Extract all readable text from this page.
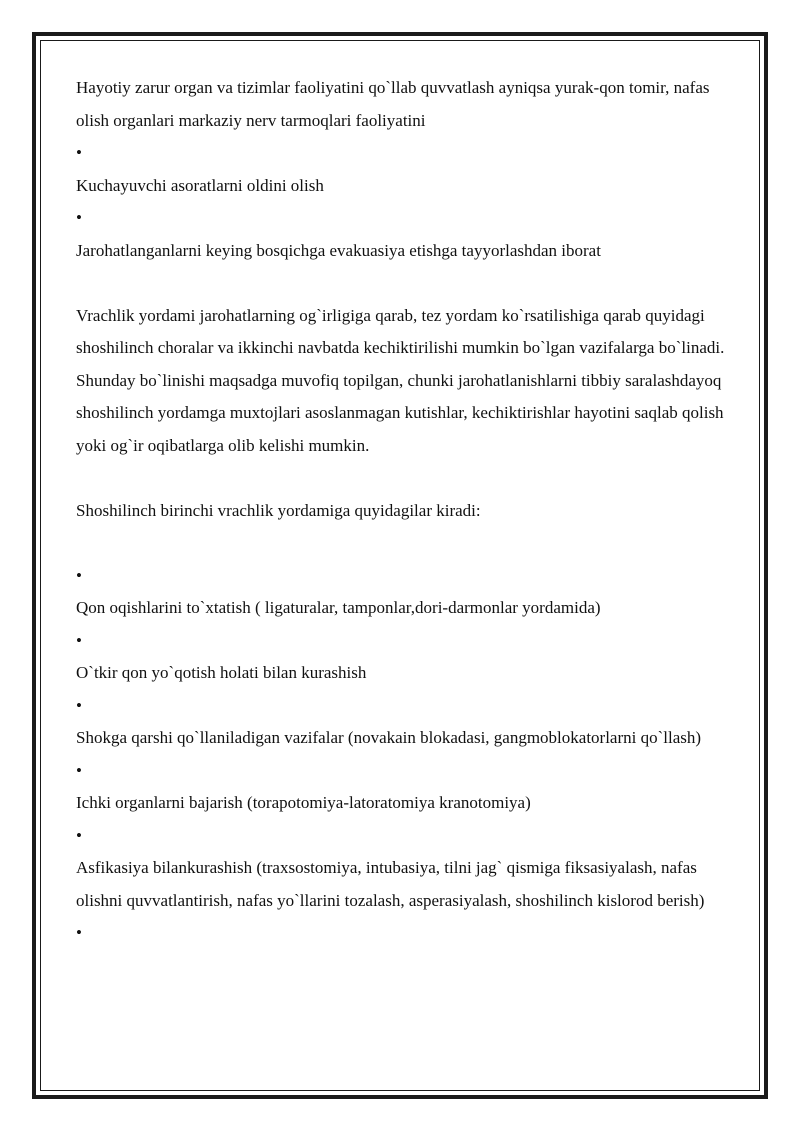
Hayotiy zarur organ va tizimlar faoliyatini qo`llab quvvatlash ayniqsa yurak-qon tomir, nafas olish organlari markaziy nerv tarmoqlari faoliyatini

•

Kuchayuvchi asoratlarni oldini olish

•

Jarohatlanganlarni keying bosqichga evakuasiya etishga tayyorlashdan iborat

Vrachlik yordami jarohatlarning og`irligiga qarab, tez yordam ko`rsatilishiga qarab quyidagi shoshilinch choralar va ikkinchi navbatda kechiktirilishi mumkin bo`lgan vazifalarga bo`linadi.

Shunday bo`linishi maqsadga muvofiq topilgan, chunki jarohatlanishlarni tibbiy saralashdayoq shoshilinch yordamga muxtojlari asoslanmagan kutishlar, kechiktirishlar hayotini saqlab qolish yoki og`ir oqibatlarga olib kelishi mumkin.

Shoshilinch birinchi vrachlik yordamiga quyidagilar kiradi:

•

Qon oqishlarini to`xtatish ( ligaturalar, tamponlar,dori-darmonlar yordamida)

•

O`tkir qon yo`qotish holati bilan kurashish

•

Shokga qarshi qo`llaniladigan vazifalar (novakain blokadasi, gangmoblokatorlarni qo`llash)

•

Ichki organlarni bajarish (torapotomiya-latoratomiya kranotomiya)

•

Asfikasiya bilankurashish (traxsostomiya, intubasiya, tilni jag` qismiga fiksasiyalash, nafas olishni quvvatlantirish, nafas yo`llarini tozalash, asperasiyalash, shoshilinch kislorod berish)

•
